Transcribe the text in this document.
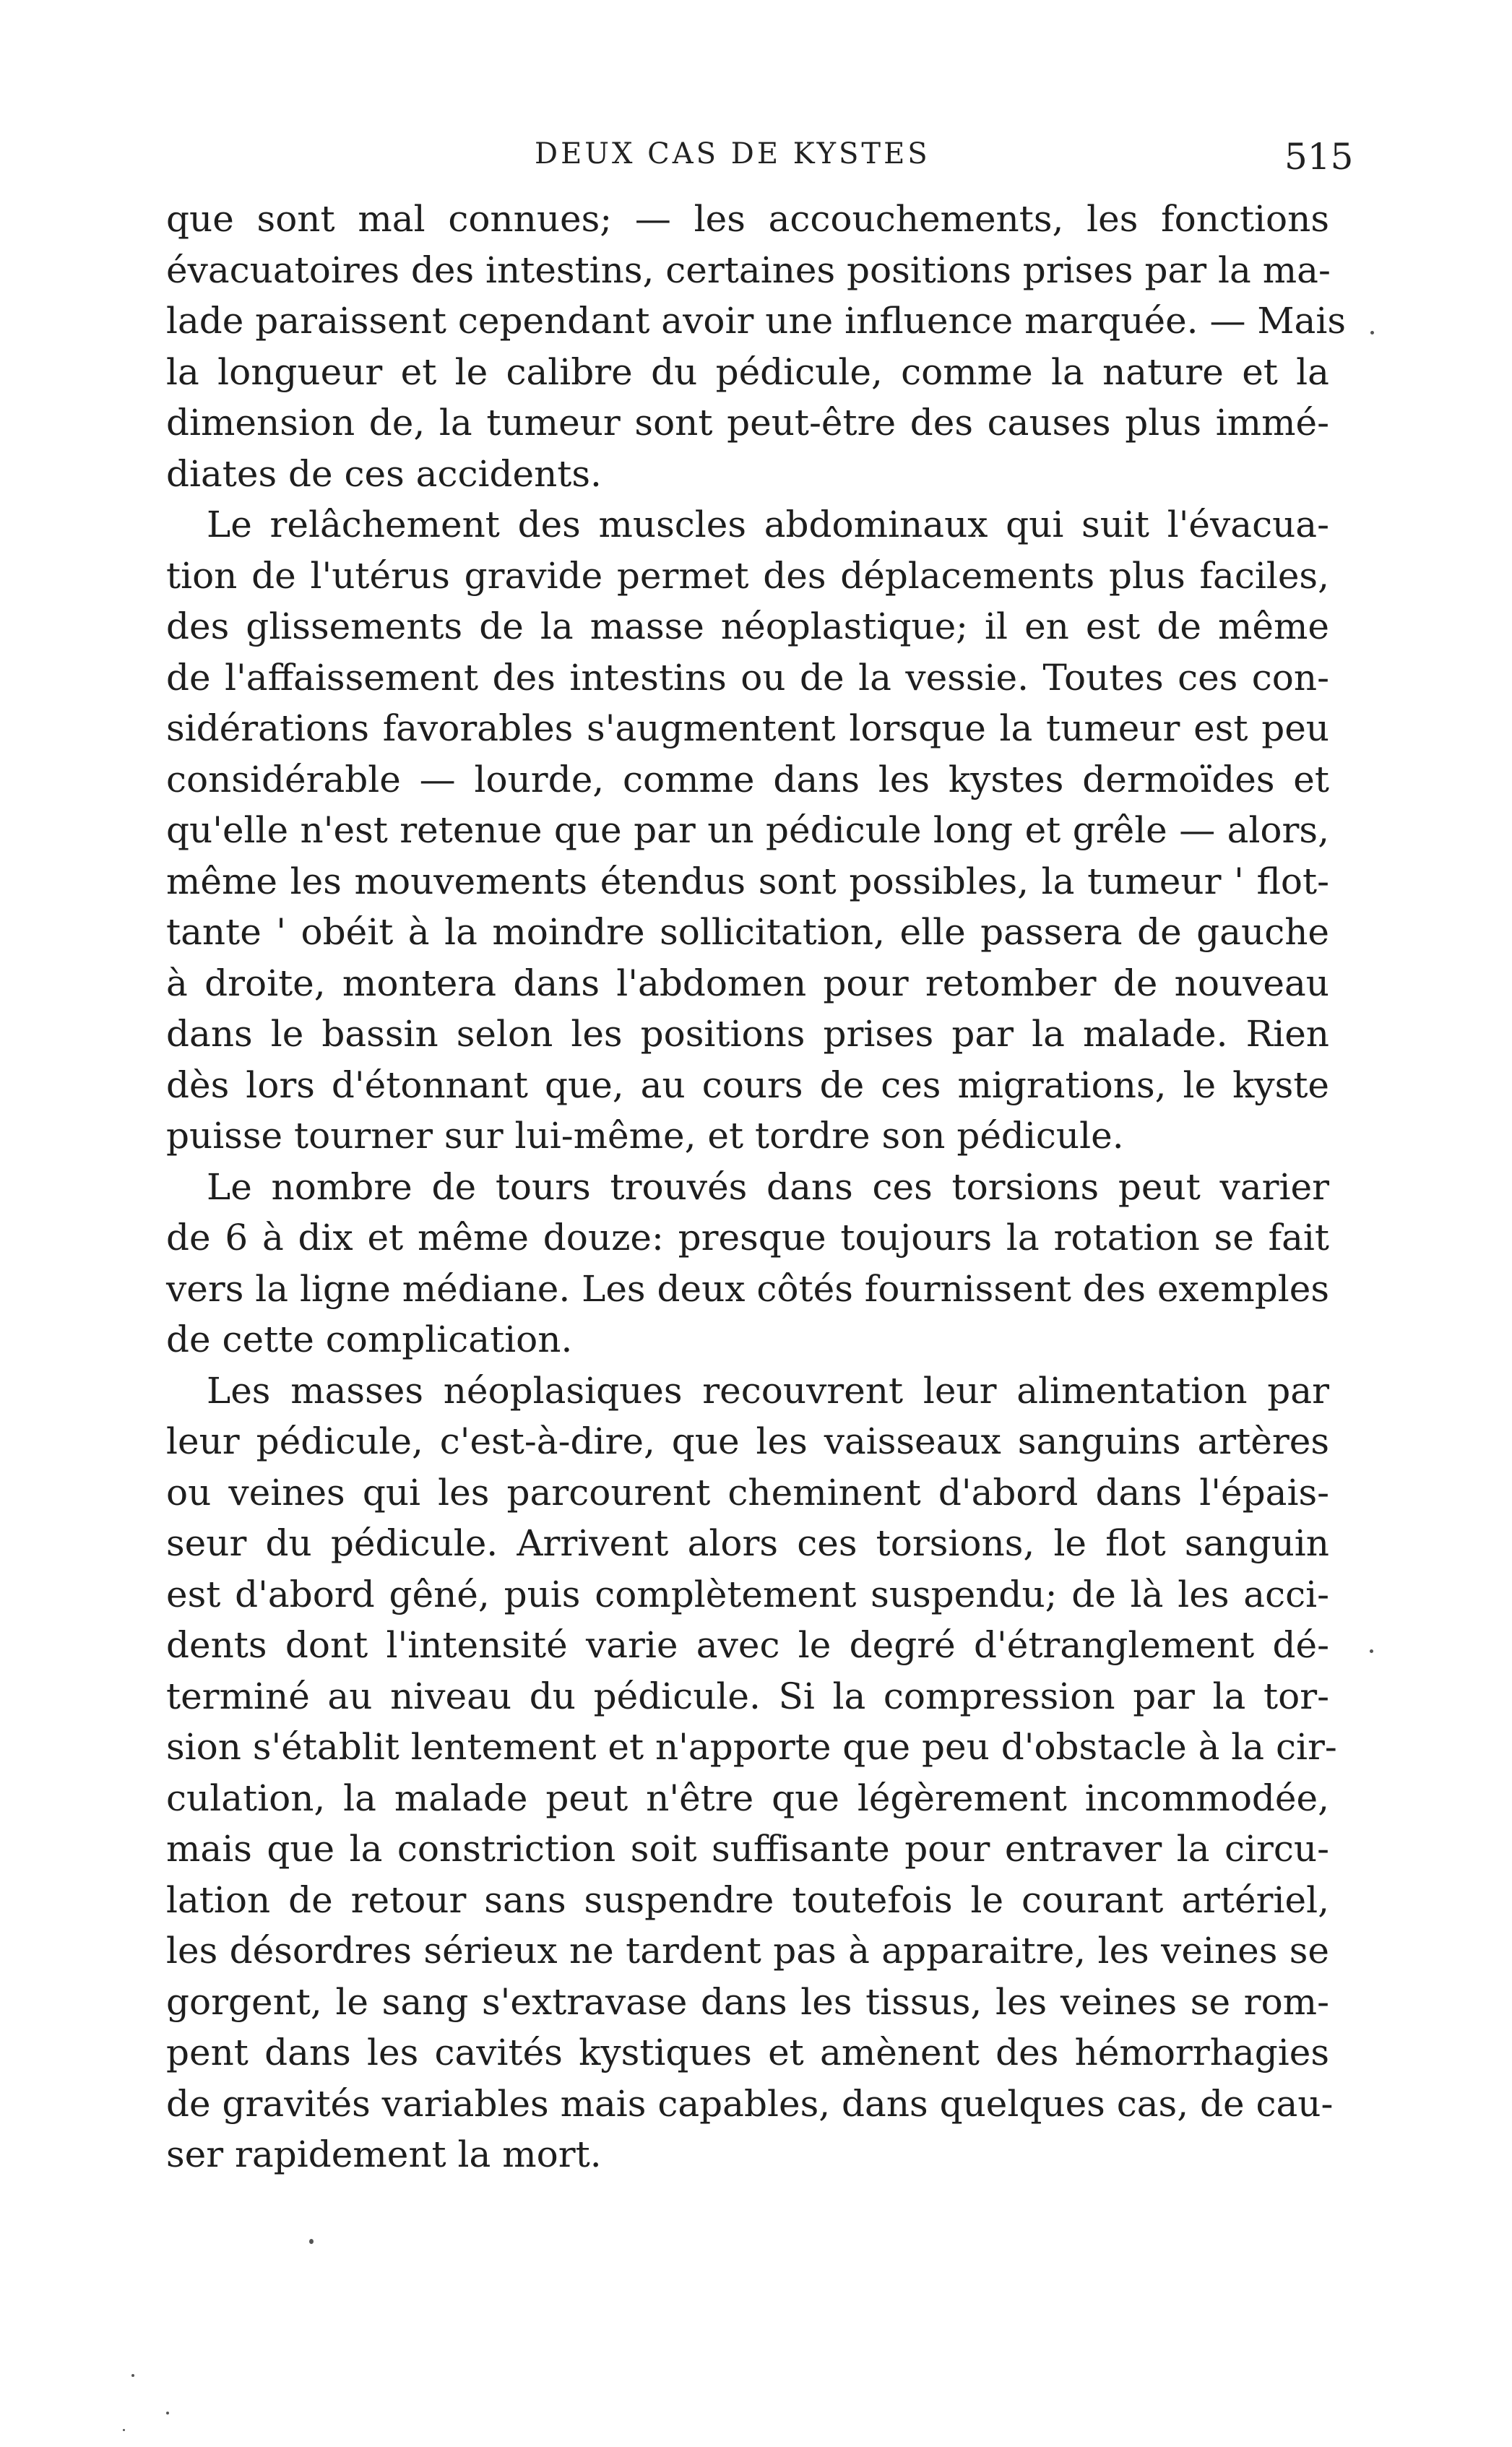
DEUX CAS DE KYSTES	515
que sont mal connues; — les accouchements, les fonctions
évacuatoires des intestins, certaines positions prises par la ma-
lade paraissent cependant avoir une influence marquée. — Mais
la longueur et le calibre du pédicule, comme la nature et la
dimension de, la tumeur sont peut-être des causes plus immé-
diates de ces accidents.
Le relâchement des muscles abdominaux qui suit l'évacua-
tion de l'utérus gravide permet des déplacements plus faciles,
des glissements de la masse néoplastique; il en est de même
de l'affaissement des intestins ou de la vessie. Toutes ces con-
sidérations favorables s'augmentent lorsque la tumeur est peu
considérable — lourde, comme dans les kystes dermoïdes et
qu'elle n'est retenue que par un pédicule long et grêle — alors,
même les mouvements étendus sont possibles, la tumeur ' flot-
tante ' obéit à la moindre sollicitation, elle passera de gauche
à droite, montera dans l'abdomen pour retomber de nouveau
dans le bassin selon les positions prises par la malade. Rien
dès lors d'étonnant que, au cours de ces migrations, le kyste
puisse tourner sur lui-même, et tordre son pédicule.
Le nombre de tours trouvés dans ces torsions peut varier
de 6 à dix et même douze: presque toujours la rotation se fait
vers la ligne médiane. Les deux côtés fournissent des exemples
de cette complication.
Les masses néoplasiques recouvrent leur alimentation par
leur pédicule, c'est-à-dire, que les vaisseaux sanguins artères
ou veines qui les parcourent cheminent d'abord dans l'épais-
seur du pédicule. Arrivent alors ces torsions, le flot sanguin
est d'abord gêné, puis complètement suspendu; de là les acci-
dents dont l'intensité varie avec le degré d'étranglement dé-
terminé au niveau du pédicule. Si la compression par la tor-
sion s'établit lentement et n'apporte que peu d'obstacle à la cir-
culation, la malade peut n'être que légèrement incommodée,
mais que la constriction soit suffisante pour entraver la circu-
lation de retour sans suspendre toutefois le courant artériel,
les désordres sérieux ne tardent pas à apparaitre, les veines se
gorgent, le sang s'extravase dans les tissus, les veines se rom-
pent dans les cavités kystiques et amènent des hémorrhagies
de gravités variables mais capables, dans quelques cas, de cau-
ser rapidement la mort.
